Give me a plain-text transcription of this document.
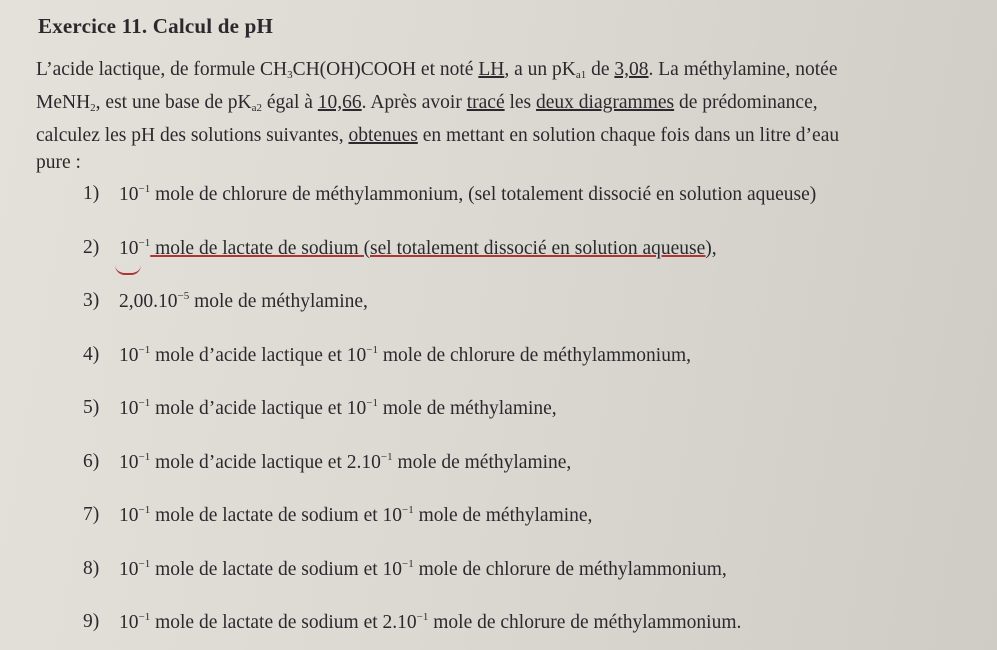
Exercice 11. Calcul de pH
L’acide lactique, de formule $CH_3CH(OH)COOH$ et noté LH, a un $pK_{a1}$ de 3,08. La méthylamine, notée
MeNH$_2$, est une base de $pK_{a2}$ égal à 10,66. Après avoir tracé les deux diagrammes de prédominance,
calculez les pH des solutions suivantes, obtenues en mettant en solution chaque fois dans un litre d’eau
pure :
1)	$10^{-1}$ mole de chlorure de méthylammonium, (sel totalement dissocié en solution aqueuse)
2)	$10^{-1}$ mole de lactate de sodium (sel totalement dissocié en solution aqueuse),
3)	$2,00.10^{-5}$ mole de méthylamine,
4)	$10^{-1}$ mole d’acide lactique et $10^{-1}$ mole de chlorure de méthylammonium,
5)	$10^{-1}$ mole d’acide lactique et $10^{-1}$ mole de méthylamine,
6)	$10^{-1}$ mole d’acide lactique et $2.10^{-1}$ mole de méthylamine,
7)	$10^{-1}$ mole de lactate de sodium et $10^{-1}$ mole de méthylamine,
8)	$10^{-1}$ mole de lactate de sodium et $10^{-1}$ mole de chlorure de méthylammonium,
9)	$10^{-1}$ mole de lactate de sodium et $2.10^{-1}$ mole de chlorure de méthylammonium.
